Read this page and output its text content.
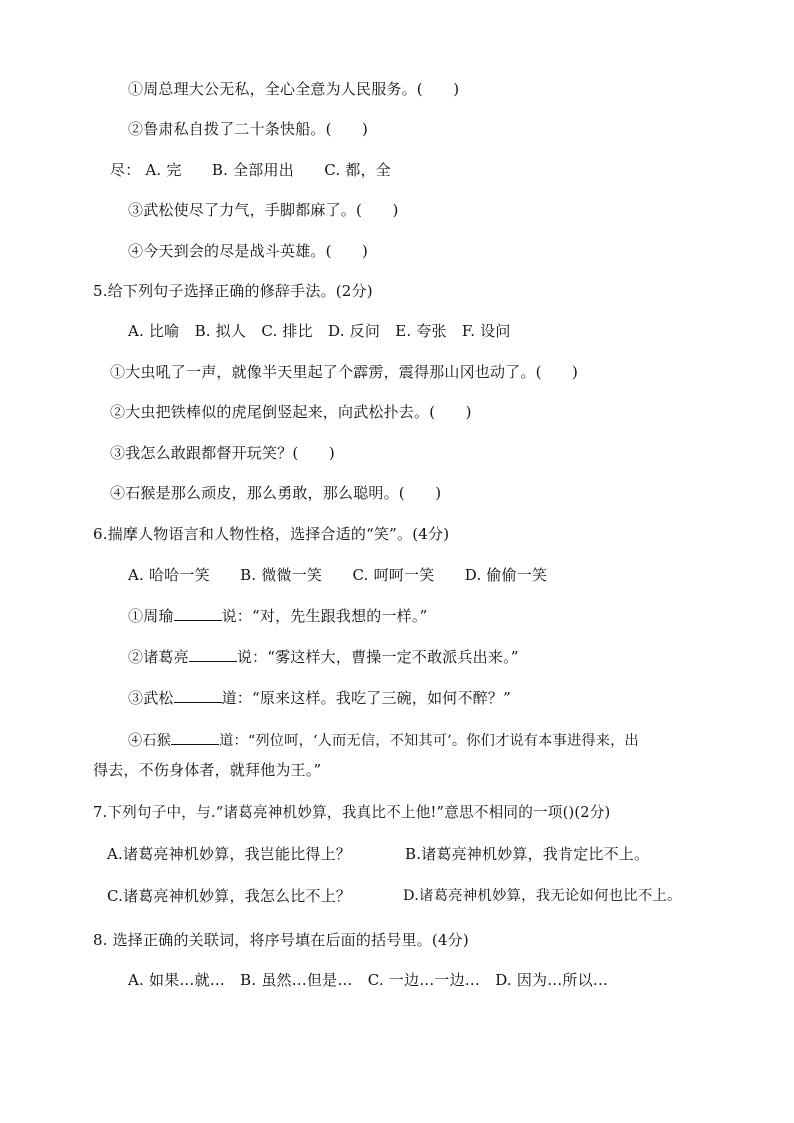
①周总理大公无私，全心全意为人民服务。(　　)
②鲁肃私自拨了二十条快船。(　　)
尽： A. 完　　B. 全部用出　　C. 都，全
③武松使尽了力气，手脚都麻了。(　　)
④今天到会的尽是战斗英雄。(　　)
5.给下列句子选择正确的修辞手法。(2分)
A. 比喻　B. 拟人　C. 排比　D. 反问　E. 夸张　F. 设问
①大虫吼了一声，就像半天里起了个霹雳，震得那山冈也动了。(　　)
②大虫把铁棒似的虎尾倒竖起来，向武松扑去。(　　)
③我怎么敢跟都督开玩笑？(　　)
④石猴是那么顽皮，那么勇敢，那么聪明。(　　)
6.揣摩人物语言和人物性格，选择合适的“笑”。(4分)
A. 哈哈一笑　　B. 微微一笑　　C. 呵呵一笑　　D. 偷偷一笑
①周瑜	说：“对，先生跟我想的一样。”
②诸葛亮	说：“雾这样大，曹操一定不敢派兵出来。”
③武松	道：“原来这样。我吃了三碗，如何不醉？”
④石猴	道：“列位呵，‘人而无信，不知其可’。你们才说有本事进得来，出
得去，不伤身体者，就拜他为王。”
7.下列句子中，与.“诸葛亮神机妙算，我真比不上他!”意思不相同的一项()(2分)
A.诸葛亮神机妙算，我岂能比得上？	B.诸葛亮神机妙算，我肯定比不上。
C.诸葛亮神机妙算，我怎么比不上？	D.诸葛亮神机妙算，我无论如何也比不上。
8. 选择正确的关联词，将序号填在后面的括号里。(4分)
A. 如果…就…　B. 虽然…但是…　C. 一边…一边…　D. 因为…所以…
